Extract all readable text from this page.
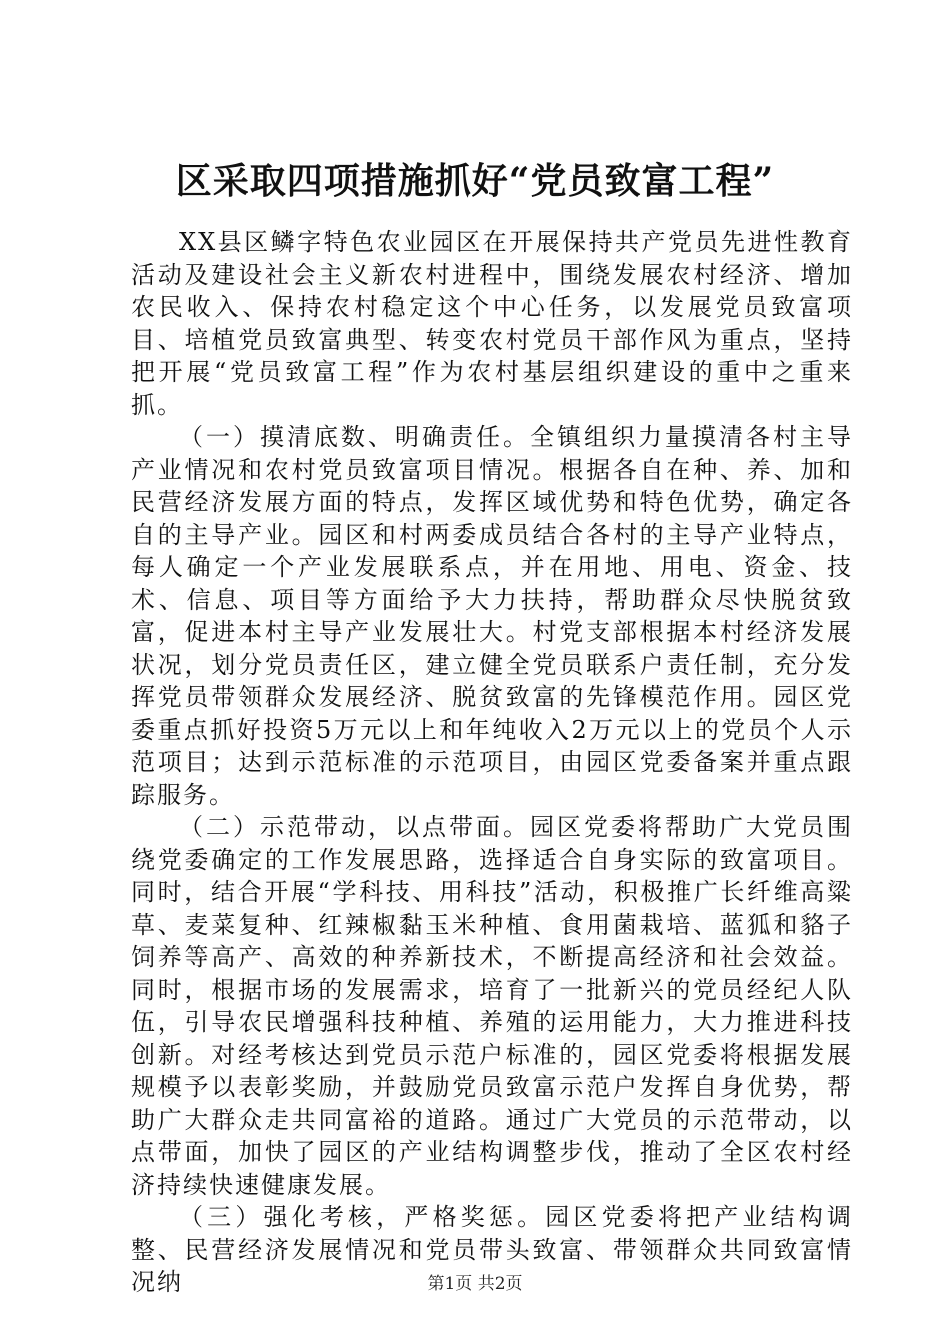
区采取四项措施抓好“党员致富工程”

XX县区鳞字特色农业园区在开展保持共产党员先进性教育活动及建设社会主义新农村进程中，围绕发展农村经济、增加农民收入、保持农村稳定这个中心任务，以发展党员致富项目、培植党员致富典型、转变农村党员干部作风为重点，坚持把开展“党员致富工程”作为农村基层组织建设的重中之重来抓。

（一）摸清底数、明确责任。全镇组织力量摸清各村主导产业情况和农村党员致富项目情况。根据各自在种、养、加和民营经济发展方面的特点，发挥区域优势和特色优势，确定各自的主导产业。园区和村两委成员结合各村的主导产业特点，每人确定一个产业发展联系点，并在用地、用电、资金、技术、信息、项目等方面给予大力扶持，帮助群众尽快脱贫致富，促进本村主导产业发展壮大。村党支部根据本村经济发展状况，划分党员责任区，建立健全党员联系户责任制，充分发挥党员带领群众发展经济、脱贫致富的先锋模范作用。园区党委重点抓好投资5万元以上和年纯收入2万元以上的党员个人示范项目；达到示范标准的示范项目，由园区党委备案并重点跟踪服务。

（二）示范带动，以点带面。园区党委将帮助广大党员围绕党委确定的工作发展思路，选择适合自身实际的致富项目。同时，结合开展“学科技、用科技”活动，积极推广长纤维高粱草、麦菜复种、红辣椒黏玉米种植、食用菌栽培、蓝狐和貉子饲养等高产、高效的种养新技术，不断提高经济和社会效益。同时，根据市场的发展需求，培育了一批新兴的党员经纪人队伍，引导农民增强科技种植、养殖的运用能力，大力推进科技创新。对经考核达到党员示范户标准的，园区党委将根据发展规模予以表彰奖励，并鼓励党员致富示范户发挥自身优势，帮助广大群众走共同富裕的道路。通过广大党员的示范带动，以点带面，加快了园区的产业结构调整步伐，推动了全区农村经济持续快速健康发展。

（三）强化考核，严格奖惩。园区党委将把产业结构调整、民营经济发展情况和党员带头致富、带领群众共同致富情况纳	第1页 共2页
